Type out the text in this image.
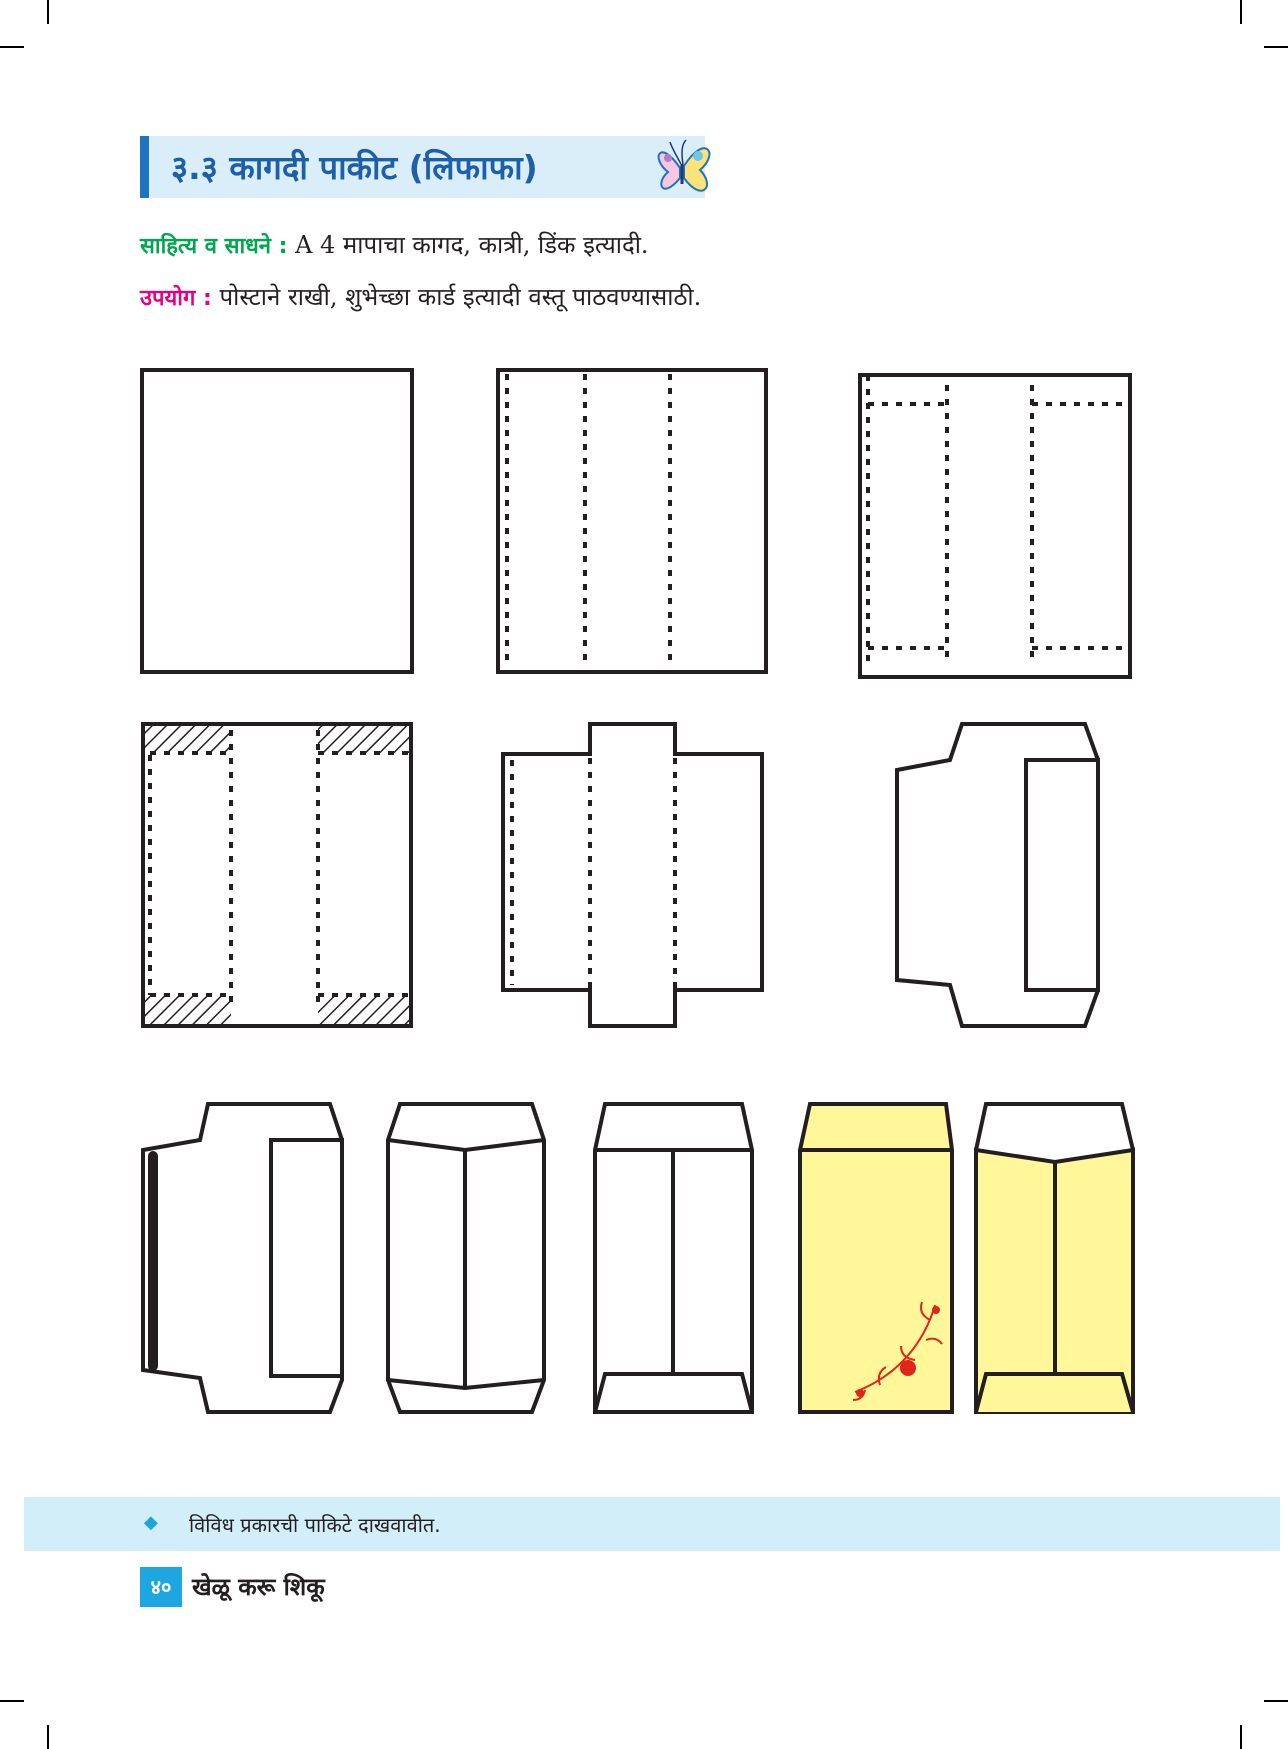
३.३ कागदी पाकीट (लिफाफा)
साहित्य व साधने : A 4 मापाचा कागद, कात्री, डिंक इत्यादी.
उपयोग : पोस्टाने राखी, शुभेच्छा कार्ड इत्यादी वस्तू पाठवण्यासाठी.
◆ विविध प्रकारची पाकिटे दाखवावीत.
४० खेळू करू शिकू
